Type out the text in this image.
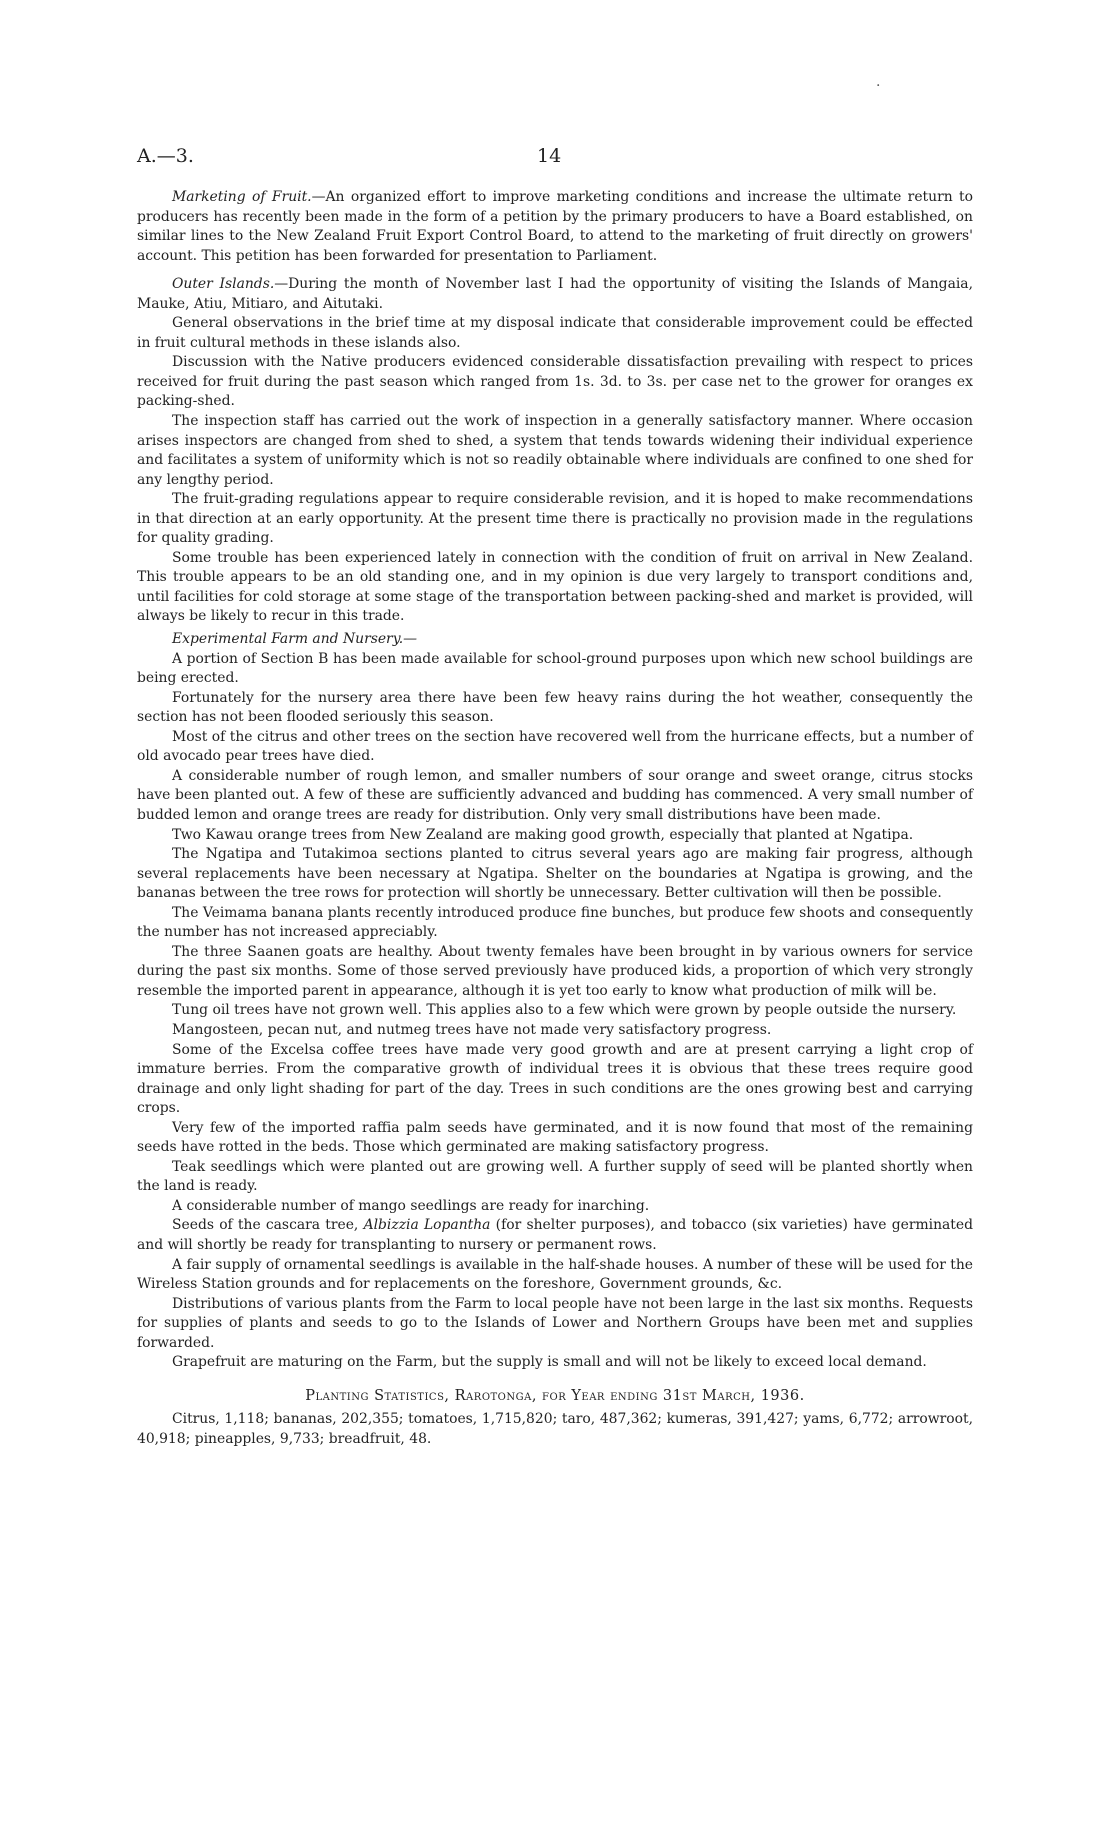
·
A.—3.	14

Marketing of Fruit.—An organized effort to improve marketing conditions and increase the ultimate return to producers has recently been made in the form of a petition by the primary producers to have a Board established, on similar lines to the New Zealand Fruit Export Control Board, to attend to the marketing of fruit directly on growers' account. This petition has been forwarded for presentation to Parliament.

Outer Islands.—During the month of November last I had the opportunity of visiting the Islands of Mangaia, Mauke, Atiu, Mitiaro, and Aitutaki.

General observations in the brief time at my disposal indicate that considerable improvement could be effected in fruit cultural methods in these islands also.

Discussion with the Native producers evidenced considerable dissatisfaction prevailing with respect to prices received for fruit during the past season which ranged from 1s. 3d. to 3s. per case net to the grower for oranges ex packing-shed.

The inspection staff has carried out the work of inspection in a generally satisfactory manner. Where occasion arises inspectors are changed from shed to shed, a system that tends towards widening their individual experience and facilitates a system of uniformity which is not so readily obtainable where individuals are confined to one shed for any lengthy period.

The fruit-grading regulations appear to require considerable revision, and it is hoped to make recommendations in that direction at an early opportunity. At the present time there is practically no provision made in the regulations for quality grading.

Some trouble has been experienced lately in connection with the condition of fruit on arrival in New Zealand. This trouble appears to be an old standing one, and in my opinion is due very largely to transport conditions and, until facilities for cold storage at some stage of the transportation between packing-shed and market is provided, will always be likely to recur in this trade.

Experimental Farm and Nursery.—

A portion of Section B has been made available for school-ground purposes upon which new school buildings are being erected.

Fortunately for the nursery area there have been few heavy rains during the hot weather, consequently the section has not been flooded seriously this season.

Most of the citrus and other trees on the section have recovered well from the hurricane effects, but a number of old avocado pear trees have died.

A considerable number of rough lemon, and smaller numbers of sour orange and sweet orange, citrus stocks have been planted out. A few of these are sufficiently advanced and budding has commenced. A very small number of budded lemon and orange trees are ready for distribution. Only very small distributions have been made.

Two Kawau orange trees from New Zealand are making good growth, especially that planted at Ngatipa.

The Ngatipa and Tutakimoa sections planted to citrus several years ago are making fair progress, although several replacements have been necessary at Ngatipa. Shelter on the boundaries at Ngatipa is growing, and the bananas between the tree rows for protection will shortly be unnecessary. Better cultivation will then be possible.

The Veimama banana plants recently introduced produce fine bunches, but produce few shoots and consequently the number has not increased appreciably.

The three Saanen goats are healthy. About twenty females have been brought in by various owners for service during the past six months. Some of those served previously have produced kids, a proportion of which very strongly resemble the imported parent in appearance, although it is yet too early to know what production of milk will be.

Tung oil trees have not grown well. This applies also to a few which were grown by people outside the nursery.

Mangosteen, pecan nut, and nutmeg trees have not made very satisfactory progress.

Some of the Excelsa coffee trees have made very good growth and are at present carrying a light crop of immature berries. From the comparative growth of individual trees it is obvious that these trees require good drainage and only light shading for part of the day. Trees in such conditions are the ones growing best and carrying crops.

Very few of the imported raffia palm seeds have germinated, and it is now found that most of the remaining seeds have rotted in the beds. Those which germinated are making satisfactory progress.

Teak seedlings which were planted out are growing well. A further supply of seed will be planted shortly when the land is ready.

A considerable number of mango seedlings are ready for inarching.

Seeds of the cascara tree, Albizzia Lopantha (for shelter purposes), and tobacco (six varieties) have germinated and will shortly be ready for transplanting to nursery or permanent rows.

A fair supply of ornamental seedlings is available in the half-shade houses. A number of these will be used for the Wireless Station grounds and for replacements on the foreshore, Government grounds, &c.

Distributions of various plants from the Farm to local people have not been large in the last six months. Requests for supplies of plants and seeds to go to the Islands of Lower and Northern Groups have been met and supplies forwarded.

Grapefruit are maturing on the Farm, but the supply is small and will not be likely to exceed local demand.

Planting Statistics, Rarotonga, for Year ending 31st March, 1936.

Citrus, 1,118; bananas, 202,355; tomatoes, 1,715,820; taro, 487,362; kumeras, 391,427; yams, 6,772; arrowroot, 40,918; pineapples, 9,733; breadfruit, 48.
